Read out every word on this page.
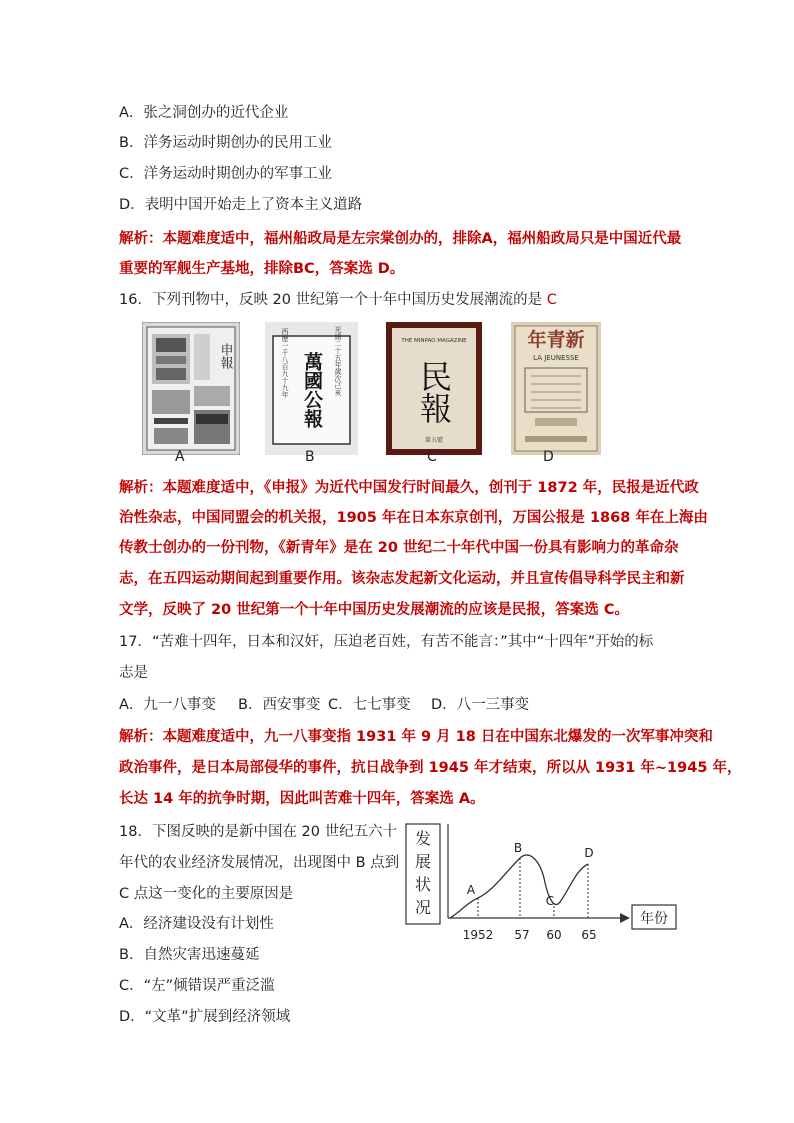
A．张之洞创办的近代企业
B．洋务运动时期创办的民用工业
C．洋务运动时期创办的军事工业
D．表明中国开始走上了资本主义道路
解析：本题难度适中，福州船政局是左宗棠创办的，排除A，福州船政局只是中国近代最
重要的军舰生产基地，排除BC，答案选 D。
16．下列刊物中，反映 20 世纪第一个十年中国历史发展潮流的是 C
申報
A
光緒二十五年歲次己亥
西歷一千八百九十九年 萬國公報
B
THE MINPAO MAGAZINE
民報
第五號
C
新青年
LA JEUNESSE
D
解析：本题难度适中，《申报》为近代中国发行时间最久，创刊于 1872 年，民报是近代政
治性杂志，中国同盟会的机关报，1905 年在日本东京创刊，万国公报是 1868 年在上海由
传教士创办的一份刊物，《新青年》是在 20 世纪二十年代中国一份具有影响力的革命杂
志，在五四运动期间起到重要作用。该杂志发起新文化运动，并且宣传倡导科学民主和新
文学，反映了 20 世纪第一个十年中国历史发展潮流的应该是民报，答案选 C。
17．“苦难十四年，日本和汉奸，压迫老百姓，有苦不能言：”其中“十四年”开始的标
志是
A．九一八事变 B．西安事变 C．七七事变 D．八一三事变
解析：本题难度适中，九一八事变指 1931 年 9 月 18 日在中国东北爆发的一次军事冲突和
政治事件，是日本局部侵华的事件，抗日战争到 1945 年才结束，所以从 1931 年~1945 年，
长达 14 年的抗争时期，因此叫苦难十四年，答案选 A。
18．下图反映的是新中国在 20 世纪五六十
年代的农业经济发展情况，出现图中 B 点到
C 点这一变化的主要原因是
A．经济建设没有计划性
B．自然灾害迅速蔓延
C．“左”倾错误严重泛滥
D．“文革”扩展到经济领域
发展状况
年份
A
B
C
D
1952 57 60 65
